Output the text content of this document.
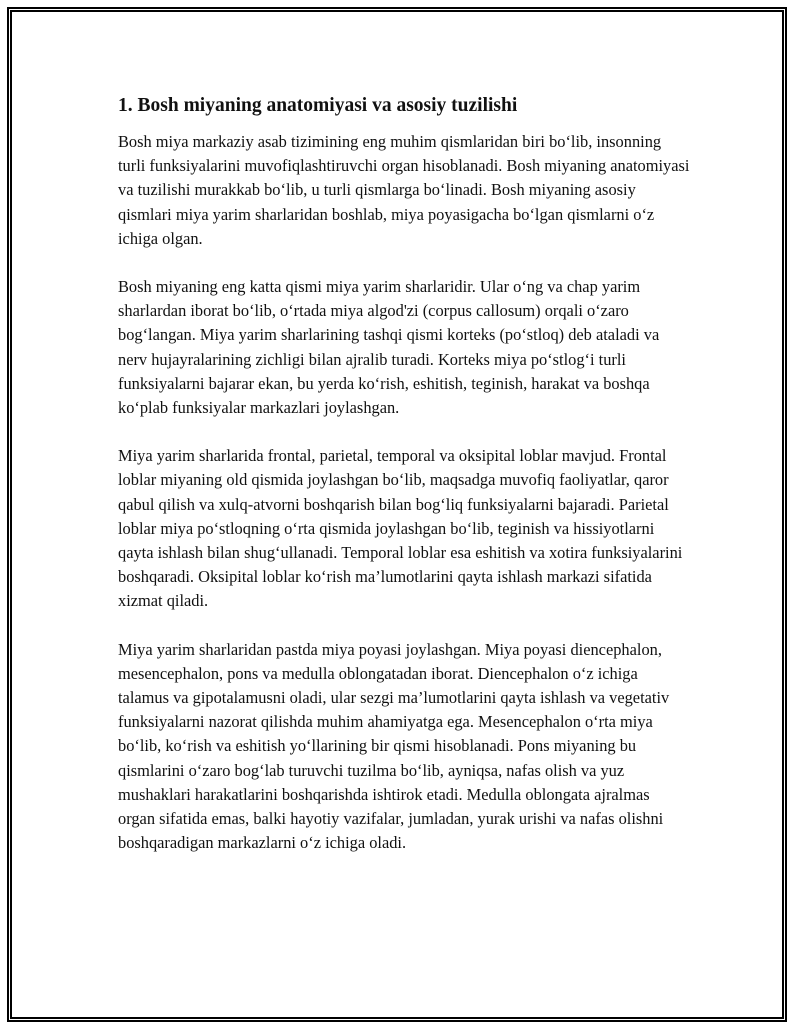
1. Bosh miyaning anatomiyasi va asosiy tuzilishi

Bosh miya markaziy asab tizimining eng muhim qismlaridan biri bo‘lib, insonning turli funksiyalarini muvofiqlashtiruvchi organ hisoblanadi. Bosh miyaning anatomiyasi va tuzilishi murakkab bo‘lib, u turli qismlarga bo‘linadi. Bosh miyaning asosiy qismlari miya yarim sharlaridan boshlab, miya poyasigacha bo‘lgan qismlarni o‘z ichiga olgan.

Bosh miyaning eng katta qismi miya yarim sharlaridir. Ular o‘ng va chap yarim sharlardan iborat bo‘lib, o‘rtada miya algod'zi (corpus callosum) orqali o‘zaro bog‘langan. Miya yarim sharlarining tashqi qismi korteks (po‘stloq) deb ataladi va nerv hujayralarining zichligi bilan ajralib turadi. Korteks miya po‘stlog‘i turli funksiyalarni bajarar ekan, bu yerda ko‘rish, eshitish, teginish, harakat va boshqa ko‘plab funksiyalar markazlari joylashgan.

Miya yarim sharlarida frontal, parietal, temporal va oksipital loblar mavjud. Frontal loblar miyaning old qismida joylashgan bo‘lib, maqsadga muvofiq faoliyatlar, qaror qabul qilish va xulq-atvorni boshqarish bilan bog‘liq funksiyalarni bajaradi. Parietal loblar miya po‘stloqning o‘rta qismida joylashgan bo‘lib, teginish va hissiyotlarni qayta ishlash bilan shug‘ullanadi. Temporal loblar esa eshitish va xotira funksiyalarini boshqaradi. Oksipital loblar ko‘rish ma’lumotlarini qayta ishlash markazi sifatida xizmat qiladi.

Miya yarim sharlaridan pastda miya poyasi joylashgan. Miya poyasi diencephalon, mesencephalon, pons va medulla oblongatadan iborat. Diencephalon o‘z ichiga talamus va gipotalamusni oladi, ular sezgi ma’lumotlarini qayta ishlash va vegetativ funksiyalarni nazorat qilishda muhim ahamiyatga ega. Mesencephalon o‘rta miya bo‘lib, ko‘rish va eshitish yo‘llarining bir qismi hisoblanadi. Pons miyaning bu qismlarini o‘zaro bog‘lab turuvchi tuzilma bo‘lib, ayniqsa, nafas olish va yuz mushaklari harakatlarini boshqarishda ishtirok etadi. Medulla oblongata ajralmas organ sifatida emas, balki hayotiy vazifalar, jumladan, yurak urishi va nafas olishni boshqaradigan markazlarni o‘z ichiga oladi.
